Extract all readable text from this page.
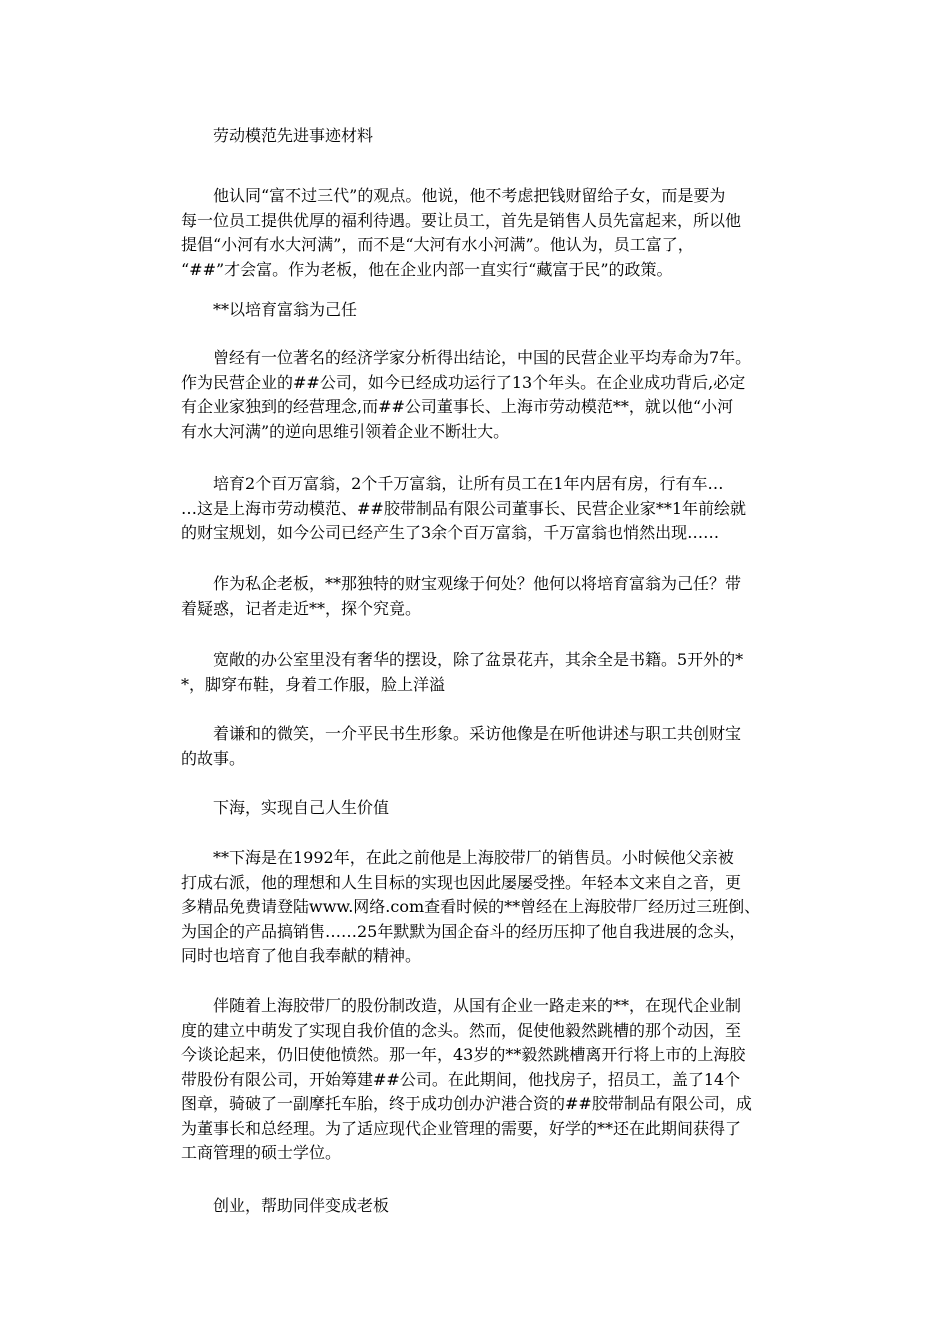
劳动模范先进事迹材料

他认同“富不过三代”的观点。他说，他不考虑把钱财留给子女，而是要为
每一位员工提供优厚的福利待遇。要让员工，首先是销售人员先富起来，所以他
提倡“小河有水大河满”，而不是“大河有水小河满”。他认为，员工富了，
“##”才会富。作为老板，他在企业内部一直实行“藏富于民”的政策。

**以培育富翁为己任

曾经有一位著名的经济学家分析得出结论，中国的民营企业平均寿命为7年。
作为民营企业的##公司，如今已经成功运行了13个年头。在企业成功背后,必定
有企业家独到的经营理念,而##公司董事长、上海市劳动模范**，就以他“小河
有水大河满”的逆向思维引领着企业不断壮大。

培育2个百万富翁，2个千万富翁，让所有员工在1年内居有房，行有车…
…这是上海市劳动模范、##胶带制品有限公司董事长、民营企业家**1年前绘就
的财宝规划，如今公司已经产生了3余个百万富翁，千万富翁也悄然出现……

作为私企老板，**那独特的财宝观缘于何处？他何以将培育富翁为己任？带
着疑惑，记者走近**，探个究竟。

宽敞的办公室里没有奢华的摆设，除了盆景花卉，其余全是书籍。5开外的*
*，脚穿布鞋，身着工作服，脸上洋溢

着谦和的微笑，一介平民书生形象。采访他像是在听他讲述与职工共创财宝
的故事。

下海，实现自己人生价值

**下海是在1992年，在此之前他是上海胶带厂的销售员。小时候他父亲被
打成右派，他的理想和人生目标的实现也因此屡屡受挫。年轻本文来自之音，更
多精品免费请登陆www.网络.com查看时候的**曾经在上海胶带厂经历过三班倒、
为国企的产品搞销售……25年默默为国企奋斗的经历压抑了他自我进展的念头，
同时也培育了他自我奉献的精神。

伴随着上海胶带厂的股份制改造，从国有企业一路走来的**，在现代企业制
度的建立中萌发了实现自我价值的念头。然而，促使他毅然跳槽的那个动因，至
今谈论起来，仍旧使他愤然。那一年，43岁的**毅然跳槽离开行将上市的上海胶
带股份有限公司，开始筹建##公司。在此期间，他找房子，招员工，盖了14个
图章，骑破了一副摩托车胎，终于成功创办沪港合资的##胶带制品有限公司，成
为董事长和总经理。为了适应现代企业管理的需要，好学的**还在此期间获得了
工商管理的硕士学位。

创业，帮助同伴变成老板
